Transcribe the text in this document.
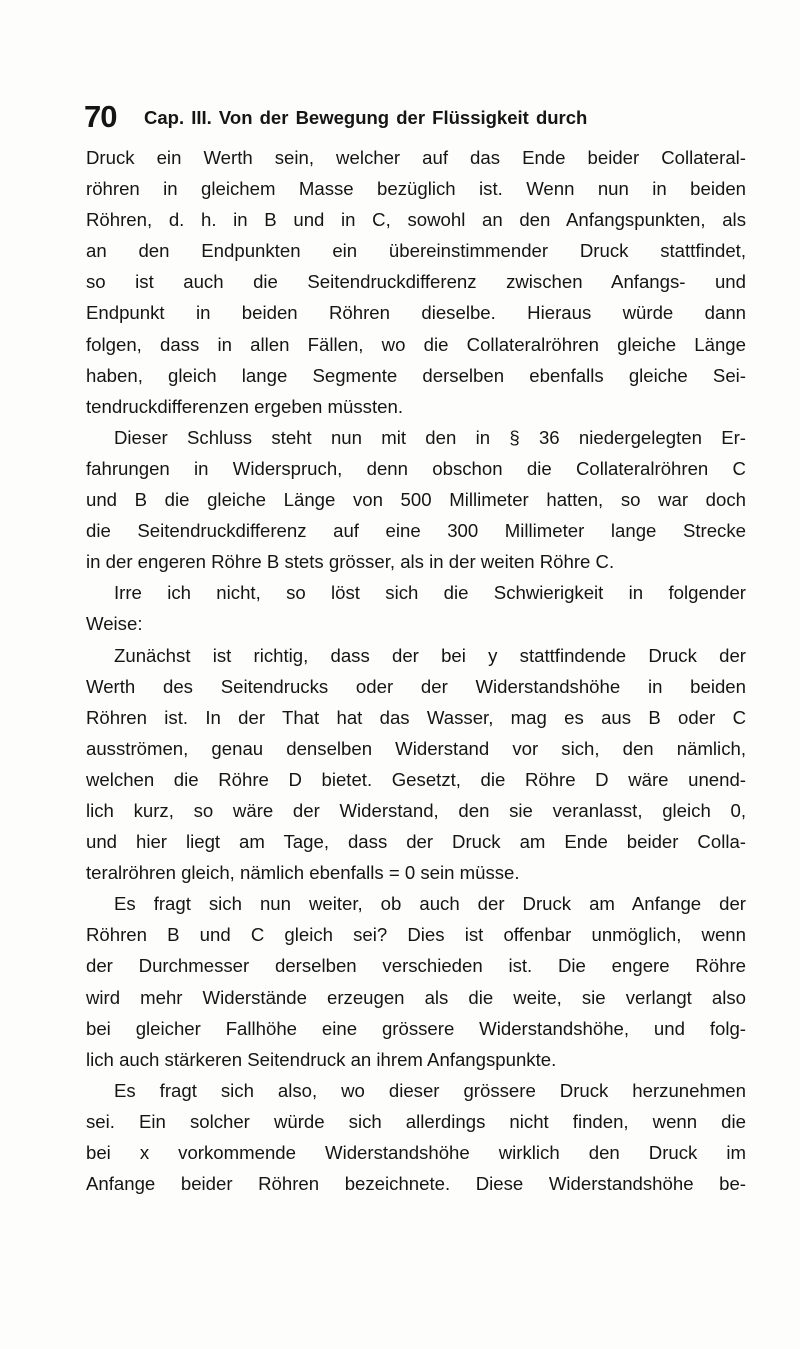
70 Cap. III. Von der Bewegung der Flüssigkeit durch
Druck ein Werth sein, welcher auf das Ende beider Collateral-
röhren in gleichem Masse bezüglich ist. Wenn nun in beiden
Röhren, d. h. in B und in C, sowohl an den Anfangspunkten, als
an den Endpunkten ein übereinstimmender Druck stattfindet,
so ist auch die Seitendruckdifferenz zwischen Anfangs- und
Endpunkt in beiden Röhren dieselbe. Hieraus würde dann
folgen, dass in allen Fällen, wo die Collateralröhren gleiche Länge
haben, gleich lange Segmente derselben ebenfalls gleiche Sei-
tendruckdifferenzen ergeben müssten.
Dieser Schluss steht nun mit den in § 36 niedergelegten Er-
fahrungen in Widerspruch, denn obschon die Collateralröhren C
und B die gleiche Länge von 500 Millimeter hatten, so war doch
die Seitendruckdifferenz auf eine 300 Millimeter lange Strecke
in der engeren Röhre B stets grösser, als in der weiten Röhre C.
Irre ich nicht, so löst sich die Schwierigkeit in folgender
Weise:
Zunächst ist richtig, dass der bei y stattfindende Druck der
Werth des Seitendrucks oder der Widerstandshöhe in beiden
Röhren ist. In der That hat das Wasser, mag es aus B oder C
ausströmen, genau denselben Widerstand vor sich, den nämlich,
welchen die Röhre D bietet. Gesetzt, die Röhre D wäre unend-
lich kurz, so wäre der Widerstand, den sie veranlasst, gleich 0,
und hier liegt am Tage, dass der Druck am Ende beider Colla-
teralröhren gleich, nämlich ebenfalls = 0 sein müsse.
Es fragt sich nun weiter, ob auch der Druck am Anfange der
Röhren B und C gleich sei? Dies ist offenbar unmöglich, wenn
der Durchmesser derselben verschieden ist. Die engere Röhre
wird mehr Widerstände erzeugen als die weite, sie verlangt also
bei gleicher Fallhöhe eine grössere Widerstandshöhe, und folg-
lich auch stärkeren Seitendruck an ihrem Anfangspunkte.
Es fragt sich also, wo dieser grössere Druck herzunehmen
sei. Ein solcher würde sich allerdings nicht finden, wenn die
bei x vorkommende Widerstandshöhe wirklich den Druck im
Anfange beider Röhren bezeichnete. Diese Widerstandshöhe be-
